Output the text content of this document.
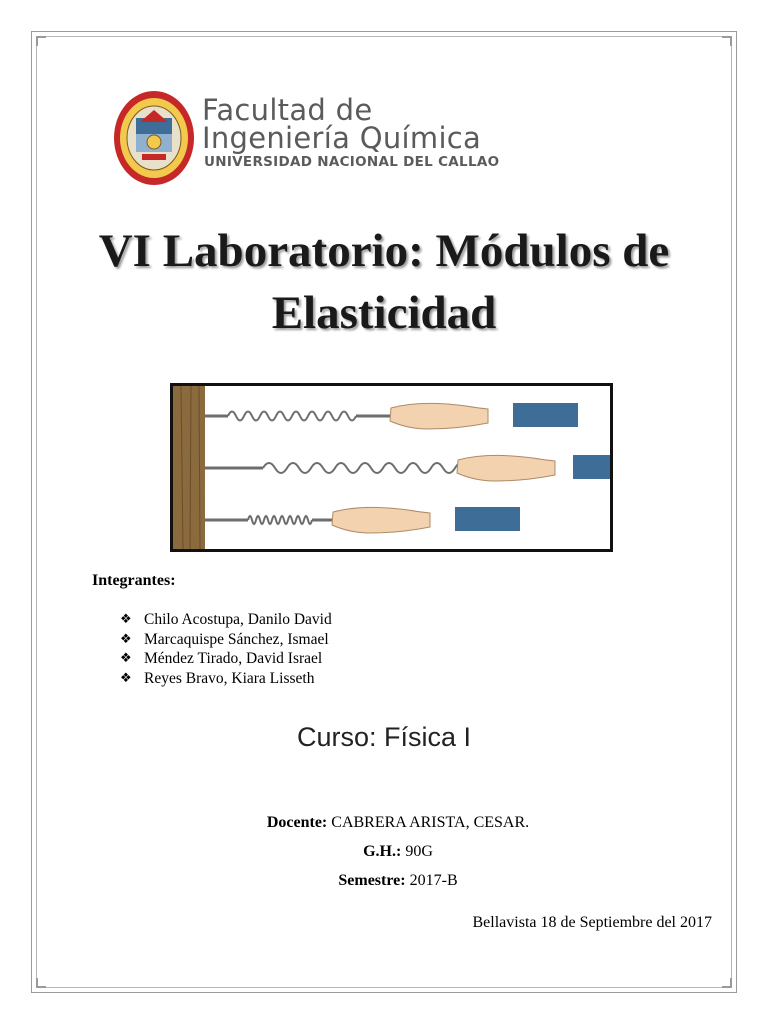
Facultad de
Ingeniería Química
UNIVERSIDAD NACIONAL DEL CALLAO
VI Laboratorio: Módulos de
Elasticidad
Integrantes:
❖ Chilo Acostupa, Danilo David
❖ Marcaquispe Sánchez, Ismael
❖ Méndez Tirado, David Israel
❖ Reyes Bravo, Kiara Lisseth
Curso: Física I
Docente: CABRERA ARISTA, CESAR.
G.H.: 90G
Semestre: 2017-B
Bellavista 18 de Septiembre del 2017
